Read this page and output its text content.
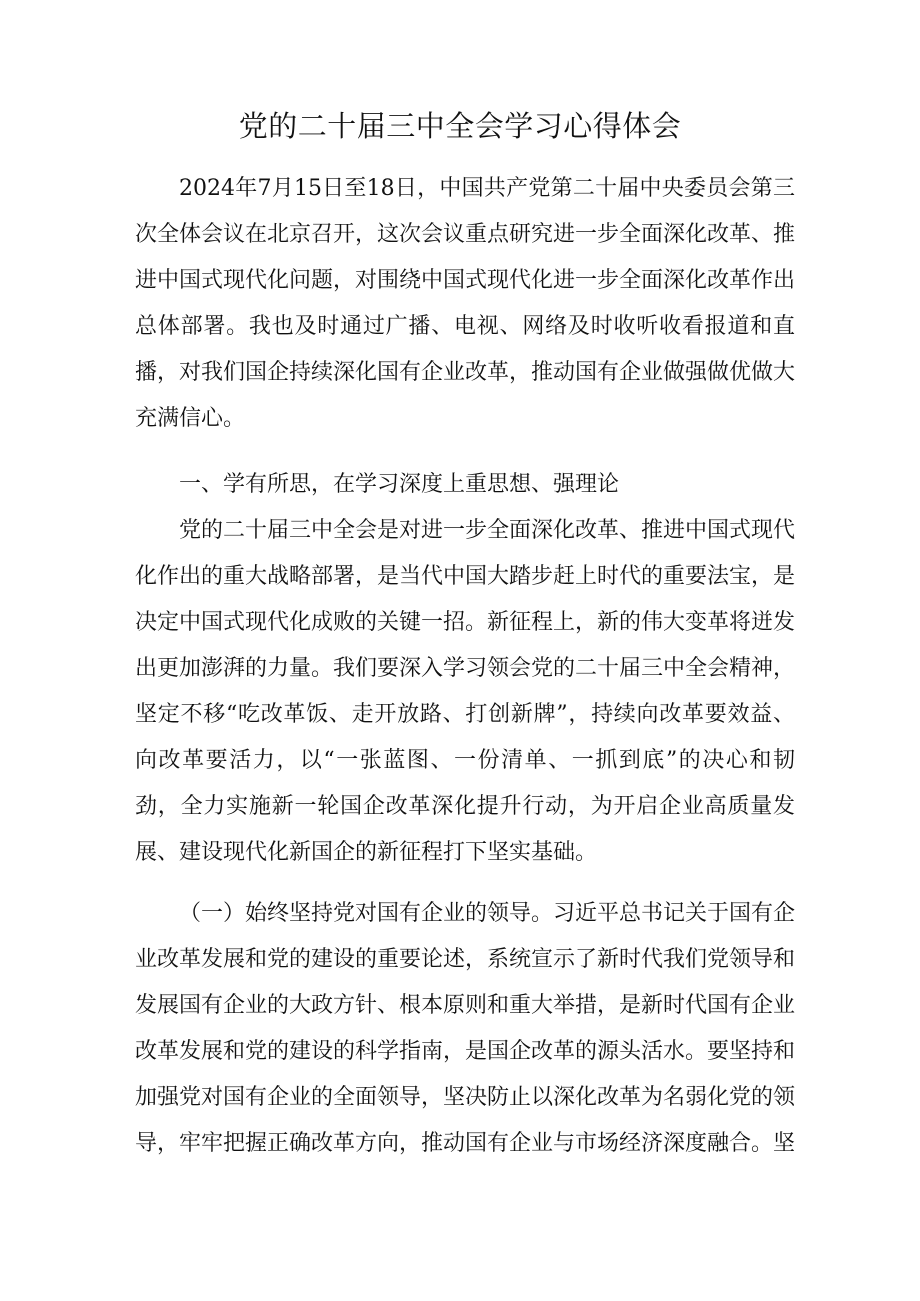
党的二十届三中全会学习心得体会
2024年7月15日至18日，中国共产党第二十届中央委员会第三次全体会议在北京召开，这次会议重点研究进一步全面深化改革、推进中国式现代化问题，对围绕中国式现代化进一步全面深化改革作出总体部署。我也及时通过广播、电视、网络及时收听收看报道和直播，对我们国企持续深化国有企业改革，推动国有企业做强做优做大充满信心。
一、学有所思，在学习深度上重思想、强理论
党的二十届三中全会是对进一步全面深化改革、推进中国式现代化作出的重大战略部署，是当代中国大踏步赶上时代的重要法宝，是决定中国式现代化成败的关键一招。新征程上，新的伟大变革将迸发出更加澎湃的力量。我们要深入学习领会党的二十届三中全会精神，坚定不移“吃改革饭、走开放路、打创新牌”，持续向改革要效益、向改革要活力，以“一张蓝图、一份清单、一抓到底”的决心和韧劲，全力实施新一轮国企改革深化提升行动，为开启企业高质量发展、建设现代化新国企的新征程打下坚实基础。
（一）始终坚持党对国有企业的领导。习近平总书记关于国有企业改革发展和党的建设的重要论述，系统宣示了新时代我们党领导和发展国有企业的大政方针、根本原则和重大举措，是新时代国有企业改革发展和党的建设的科学指南，是国企改革的源头活水。要坚持和加强党对国有企业的全面领导，坚决防止以深化改革为名弱化党的领导，牢牢把握正确改革方向，推动国有企业与市场经济深度融合。坚
